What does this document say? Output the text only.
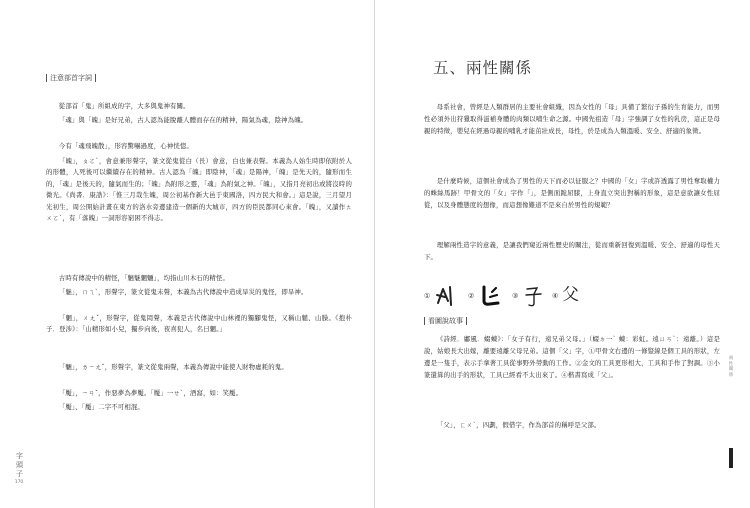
注意部首字詞

從部首「鬼」所組成的字，大多與鬼神有關。

「魂」與「魄」是好兄弟，古人認為能脫離人體而存在的精神，陽氣為魂，陰神為魄。

今有「魂飛魄散」，形容驚嚇過度，心神恍惚。

「魄」，ㄆㄛˋ，會意兼形聲字，篆文從鬼從白（長）會意，白也兼表聲。本義為人始生時即依附於人的形體，人死後可以繼續存在的精神。古人認為「魄」即陰神，「魂」是陽神，「魄」是先天的，隨形而生的，「魂」是後天的，隨氣而生的；「魄」為附形之靈，「魂」為附氣之神。「魄」，又指月亮初出或將沒時的微光。《尚書．康誥》：「惟三月哉生魄，周公初基作新大邑于東國洛，四方民大和會。」這是說，三月望月光初生，周公開始計畫在東方的洛水旁邊建造一個新的大城市，四方的臣民都同心來會。「魄」，又讀作ㄊㄨㄛˋ，有「落魄」一詞形容窮困不得志。

古時有傳說中的精怪，「魑魅魍魎」，均指山川木石的精怪。

「魅」，ㄇㄟˋ，形聲字，篆文從鬼未聲，本義為古代傳說中造成旱災的鬼怪，即旱神。

「魍」，ㄨㄤˇ，形聲字，從鬼罔聲，本義是古代傳說中山林裡的獨腳鬼怪，又稱山魈、山臊。《抱朴子．登涉》：「山精形如小兒，獨步向後，夜喜犯人，名曰魍。」

「魎」，ㄌㄧㄤˇ，形聲字，篆文從鬼兩聲，本義為傳說中能使人財物虛耗的鬼。

「魘」，ㄧㄢˇ，作惡夢為夢魘。「魘」一ㄝˋ，酒窩，如：笑魘。

「魘」、「魘」二字不可相混。

字頭子
170
五、兩性關係

母系社會，曾經是人類群居的主要社會組織，因為女性的「母」具備了繁衍子孫的生育能力，而男性必須外出狩獵取得滋補身體的肉類以哺生命之源。中國先祖造「母」字強調了女性的乳房，這正是母親的特徵，嬰兒在經過母親的哺乳才能茁壯成長，母性，於是成為人類溫暖、安全、舒適的象徵。

是什麼時候，這個社會成為了男性的天下而必以征服之？中國的「女」字或許透露了男性奪取權力的蛛絲馬跡！甲骨文的「女」字作「」，是側面跪屈膝，上身直立突出對稱的形象，這是意欲讓女性屈從，以及身體態度的想像，而這想像難道不是來自於男性的規範？

理解兩性造字的意義，是讓我們窺近兩性歷史的關注，從而重新回復到溫暖、安全、舒適的母性天下。

①	②	③	④ 父
看圖說故事

《詩經．鄘風．蝃蝀》：「女子有行，遠兄弟父母。」（蝃ㄉ一ˋ 蝀：彩虹。遠ㄩㄢˋ：遠離。）這是說，姑娘長大出嫁，離要遠離父母兄弟。這個「父」字，①甲骨文右邊的一條豎線是個工具的形狀，左邊是一隻手，表示手拿著工具從事野外勞動的工作。②金文的工具更形相大，工具和手作了對調。③小篆還算的出手的形狀，工具已經看不太出來了。④楷書寫成「父」。

「父」，ㄈㄨˋ，四劃，假借字，作為部首的稱呼是父部。

兩性關係
